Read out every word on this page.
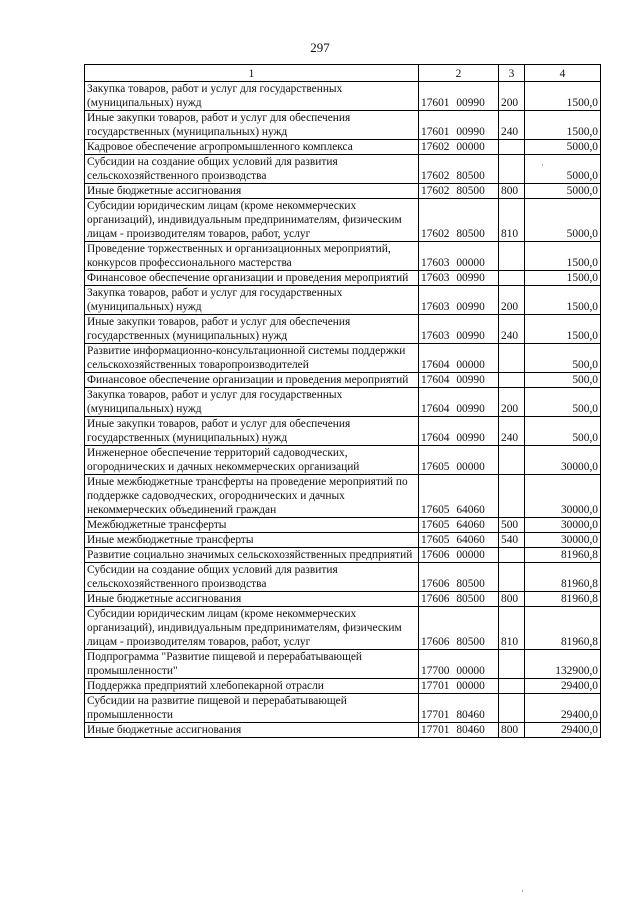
297
1	2	3	4
Закупка товаров, работ и услуг для государственных (муниципальных) нужд	17601 00990	200	1500,0
Иные закупки товаров, работ и услуг для обеспечения государственных (муниципальных) нужд	17601 00990	240	1500,0
Кадровое обеспечение агропромышленного комплекса	17602 00000		5000,0
Субсидии на создание общих условий для развития сельскохозяйственного производства	17602 80500		5000,0
Иные бюджетные ассигнования	17602 80500	800	5000,0
Субсидии юридическим лицам (кроме некоммерческих организаций), индивидуальным предпринимателям, физическим лицам - производителям товаров, работ, услуг	17602 80500	810	5000,0
Проведение торжественных и организационных мероприятий, конкурсов профессионального мастерства	17603 00000		1500,0
Финансовое обеспечение организации и проведения мероприятий	17603 00990		1500,0
Закупка товаров, работ и услуг для государственных (муниципальных) нужд	17603 00990	200	1500,0
Иные закупки товаров, работ и услуг для обеспечения государственных (муниципальных) нужд	17603 00990	240	1500,0
Развитие информационно-консультационной системы поддержки сельскохозяйственных товаропроизводителей	17604 00000		500,0
Финансовое обеспечение организации и проведения мероприятий	17604 00990		500,0
Закупка товаров, работ и услуг для государственных (муниципальных) нужд	17604 00990	200	500,0
Иные закупки товаров, работ и услуг для обеспечения государственных (муниципальных) нужд	17604 00990	240	500,0
Инженерное обеспечение территорий садоводческих, огороднических и дачных некоммерческих организаций	17605 00000		30000,0
Иные межбюджетные трансферты на проведение мероприятий по поддержке садоводческих, огороднических и дачных некоммерческих объединений граждан	17605 64060		30000,0
Межбюджетные трансферты	17605 64060	500	30000,0
Иные межбюджетные трансферты	17605 64060	540	30000,0
Развитие социально значимых сельскохозяйственных предприятий	17606 00000		81960,8
Субсидии на создание общих условий для развития сельскохозяйственного производства	17606 80500		81960,8
Иные бюджетные ассигнования	17606 80500	800	81960,8
Субсидии юридическим лицам (кроме некоммерческих организаций), индивидуальным предпринимателям, физическим лицам - производителям товаров, работ, услуг	17606 80500	810	81960,8
Подпрограмма "Развитие пищевой и перерабатывающей промышленности"	17700 00000		132900,0
Поддержка предприятий хлебопекарной отрасли	17701 00000		29400,0
Субсидии на развитие пищевой и перерабатывающей промышленности	17701 80460		29400,0
Иные бюджетные ассигнования	17701 80460	800	29400,0
·
·
